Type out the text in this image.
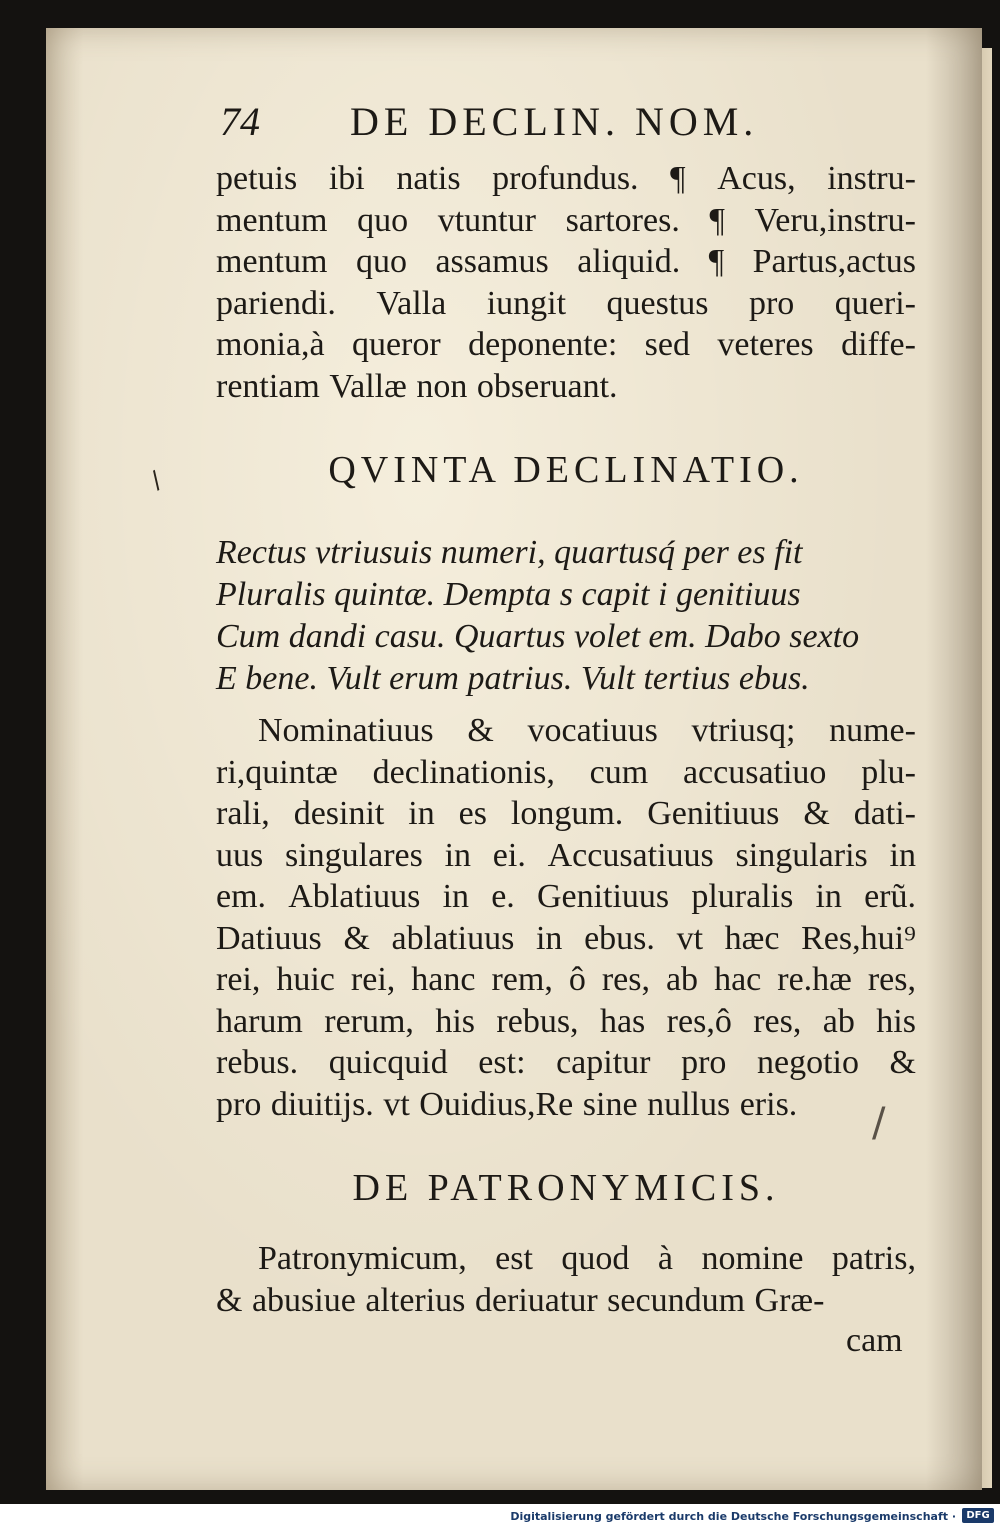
74 DE DECLIN. NOM.
petuis ibi natis profundus. ¶ Acus, instru-
mentum quo vtuntur sartores. ¶ Veru,instru-
mentum quo assamus aliquid. ¶ Partus,actus
pariendi. Valla iungit questus pro queri-
monia,à queror deponente: sed veteres diffe-
rentiam Vallæ non obseruant.
QVINTA DECLINATIO.
Rectus vtriusuis numeri, quartusq́ per es fit
Pluralis quintæ. Dempta s capit i genitiuus
Cum dandi casu. Quartus volet em. Dabo sexto
E bene. Vult erum patrius. Vult tertius ebus.
Nominatiuus & vocatiuus vtriusq; nume-
ri,quintæ declinationis, cum accusatiuo plu-
rali, desinit in es longum. Genitiuus & dati-
uus singulares in ei. Accusatiuus singularis in
em. Ablatiuus in e. Genitiuus pluralis in erũ.
Datiuus & ablatiuus in ebus. vt hæc Res,hui⁹
rei, huic rei, hanc rem, ô res, ab hac re.hæ res,
harum rerum, his rebus, has res,ô res, ab his
rebus. quicquid est: capitur pro negotio &
pro diuitijs. vt Ouidius,Re sine nullus eris.
DE PATRONYMICIS.
Patronymicum, est quod à nomine patris,
& abusiue alterius deriuatur secundum Græ-
cam
/
/
Digitalisierung gefördert durch die Deutsche Forschungsgemeinschaft ·	DFG
